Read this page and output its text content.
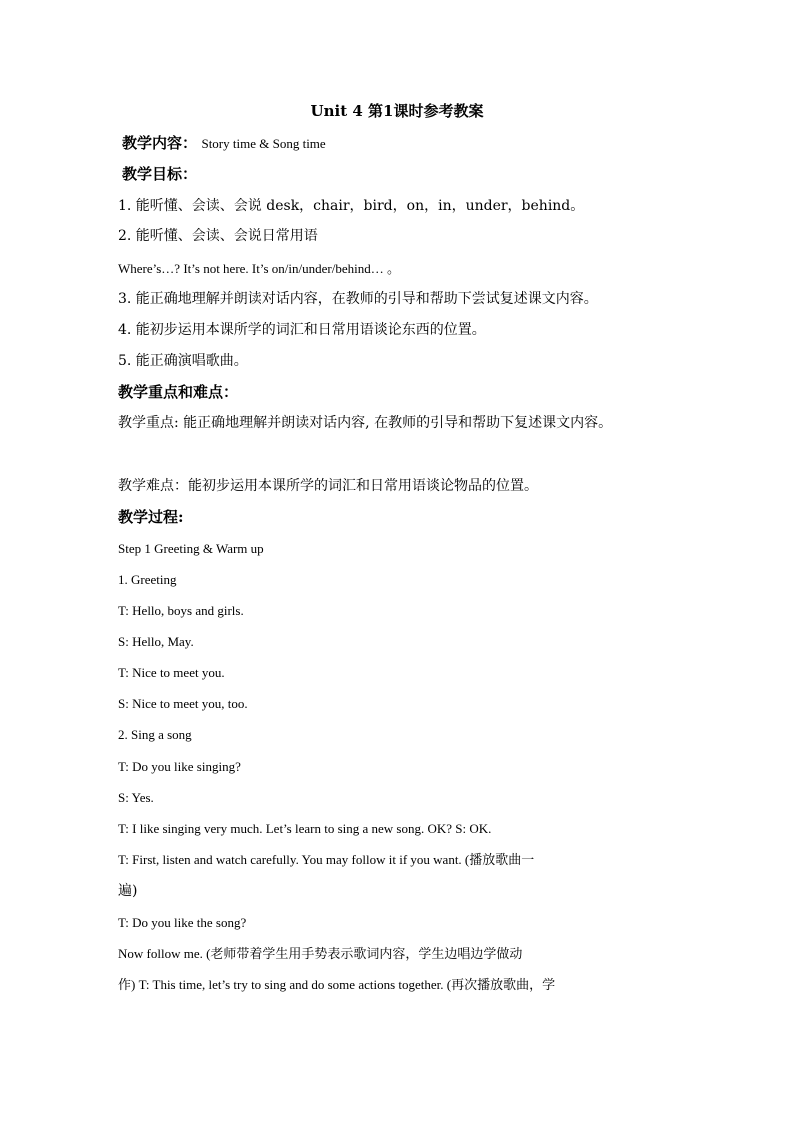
Unit 4 第1课时参考教案
教学内容： Story time & Song time
教学目标：
1. 能听懂、会读、会说 desk，chair，bird，on，in，under，behind。
2. 能听懂、会读、会说日常用语
Where’s…? It’s not here. It’s on/in/under/behind… 。
3. 能正确地理解并朗读对话内容，在教师的引导和帮助下尝试复述课文内容。
4. 能初步运用本课所学的词汇和日常用语谈论东西的位置。
5. 能正确演唱歌曲。
教学重点和难点：
教学重点: 能正确地理解并朗读对话内容, 在教师的引导和帮助下复述课文内容。
教学难点：能初步运用本课所学的词汇和日常用语谈论物品的位置。
教学过程:
Step 1 Greeting & Warm up
1. Greeting
T: Hello, boys and girls.
S: Hello, May.
T: Nice to meet you.
S: Nice to meet you, too.
2. Sing a song
T: Do you like singing?
S: Yes.
T: I like singing very much. Let’s learn to sing a new song. OK? S: OK.
T: First, listen and watch carefully. You may follow it if you want. (播放歌曲一
遍)
T: Do you like the song?
Now follow me. (老师带着学生用手势表示歌词内容，学生边唱边学做动
作) T: This time, let’s try to sing and do some actions together. (再次播放歌曲，学
